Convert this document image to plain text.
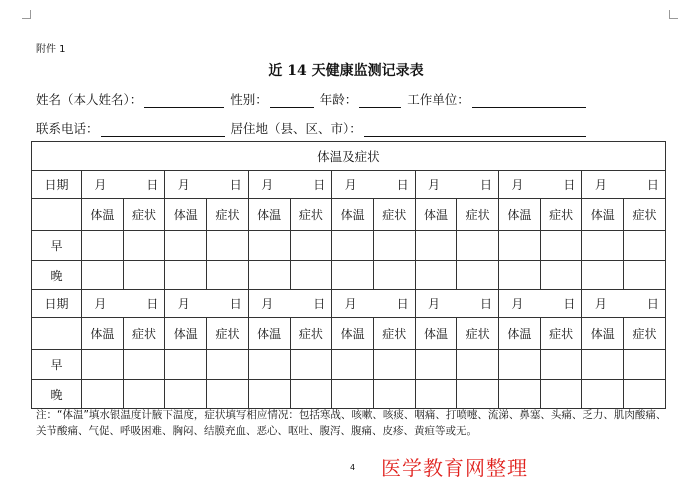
附件 1
近 14 天健康监测记录表
姓名（本人姓名）：	性别：	年龄：	工作单位：
联系电话：	居住地（县、区、市）：
体温及症状														
日期	月 日		月 日		月 日		月 日		月 日		月 日		月 日	
	体温	症状	体温	症状	体温	症状	体温	症状	体温	症状	体温	症状	体温	症状
早														
晚														
日期	月 日		月 日		月 日		月 日		月 日		月 日		月 日	
	体温	症状	体温	症状	体温	症状	体温	症状	体温	症状	体温	症状	体温	症状
早														
晚														
注：“体温”填水银温度计腋下温度，症状填写相应情况：包括寒战、咳嗽、咳痰、咽痛、打喷嚏、流涕、鼻塞、头痛、乏力、肌肉酸痛、关节酸痛、气促、呼吸困难、胸闷、结膜充血、恶心、呕吐、腹泻、腹痛、皮疹、黄疸等或无。
4 医学教育网整理
